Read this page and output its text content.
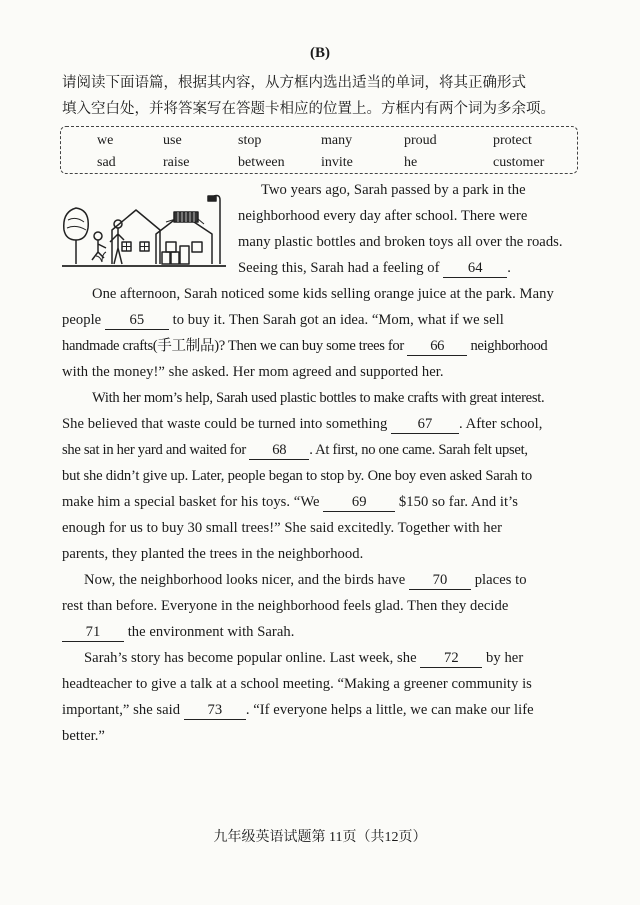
(B)
请阅读下面语篇，根据其内容，从方框内选出适当的单词，将其正确形式
填入空白处，并将答案写在答题卡相应的位置上。方框内有两个词为多余项。
we	use	stop	many	proud	protect
sad	raise	between	invite	he	customer
Two years ago, Sarah passed by a park in the
neighborhood every day after school. There were
many plastic bottles and broken toys all over the roads.
Seeing this, Sarah had a feeling of 64 .
One afternoon, Sarah noticed some kids selling orange juice at the park. Many
people 65 to buy it. Then Sarah got an idea. “Mom, what if we sell
handmade crafts(手工制品)? Then we can buy some trees for 66 neighborhood
with the money!” she asked. Her mom agreed and supported her.
With her mom’s help, Sarah used plastic bottles to make crafts with great interest.
She believed that waste could be turned into something 67 . After school,
she sat in her yard and waited for 68 . At first, no one came. Sarah felt upset,
but she didn’t give up. Later, people began to stop by. One boy even asked Sarah to
make him a special basket for his toys. “We 69 $150 so far. And it’s
enough for us to buy 30 small trees!” She said excitedly. Together with her
parents, they planted the trees in the neighborhood.
Now, the neighborhood looks nicer, and the birds have 70 places to
rest than before. Everyone in the neighborhood feels glad. Then they decide
71 the environment with Sarah.
Sarah’s story has become popular online. Last week, she 72 by her
headteacher to give a talk at a school meeting. “Making a greener community is
important,” she said 73 . “If everyone helps a little, we can make our life
better.”
九年级英语试题第 11页（共12页）
